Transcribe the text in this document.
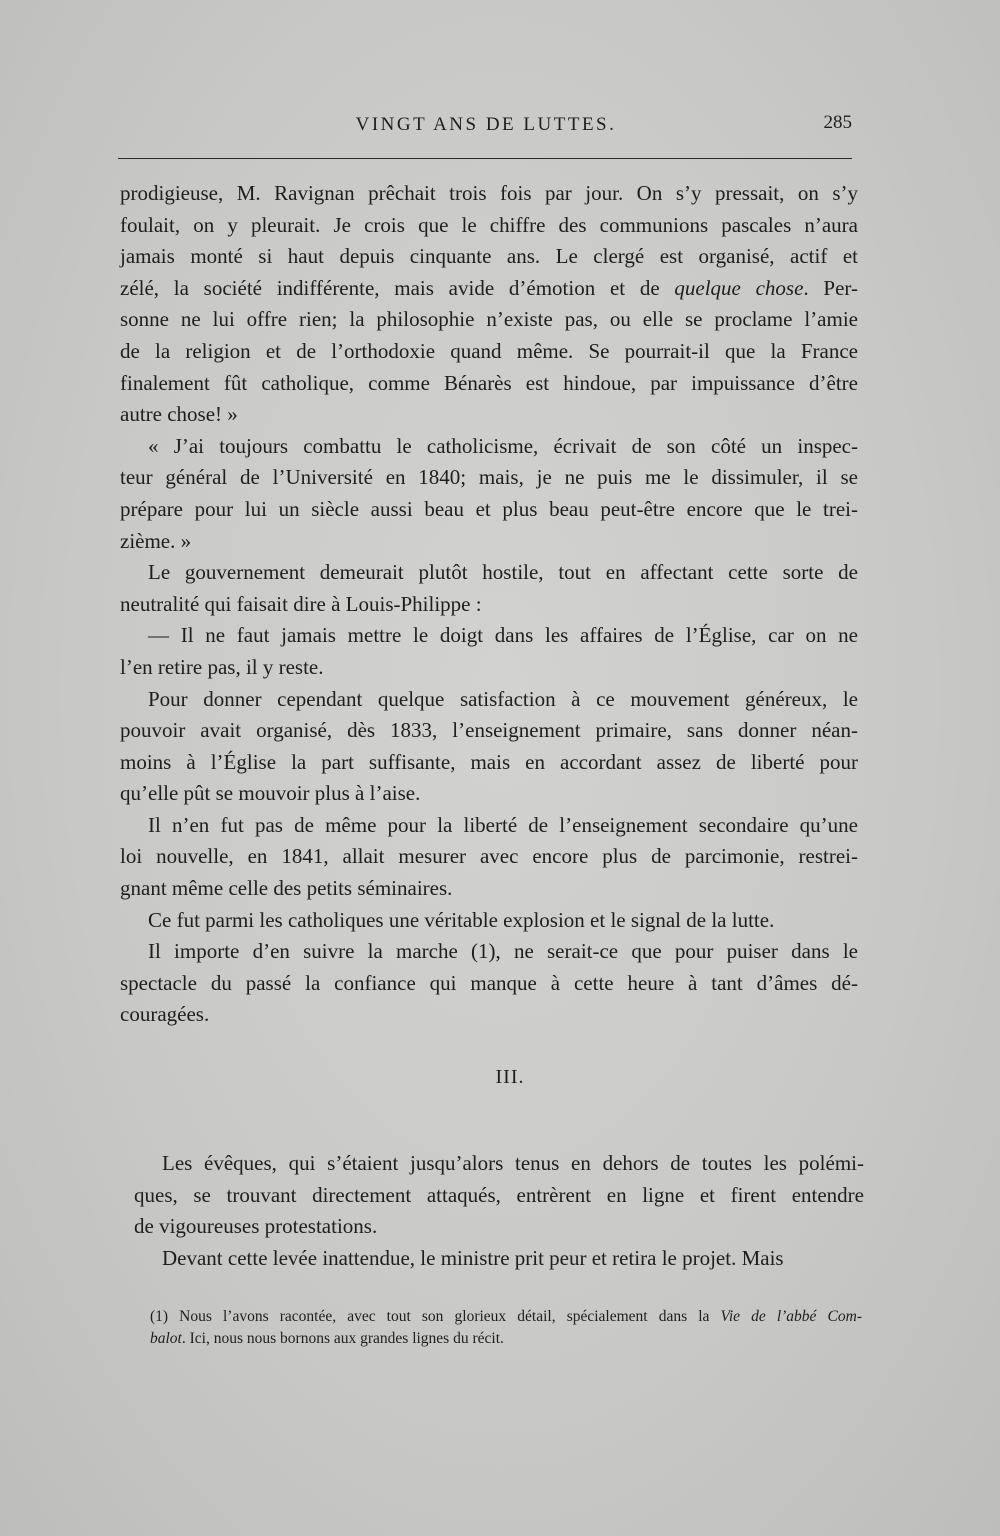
VINGT ANS DE LUTTES.	285

prodigieuse, M. Ravignan prêchait trois fois par jour. On s’y pressait, on s’y
foulait, on y pleurait. Je crois que le chiffre des communions pascales n’aura
jamais monté si haut depuis cinquante ans. Le clergé est organisé, actif et
zélé, la société indifférente, mais avide d’émotion et de quelque chose. Per-
sonne ne lui offre rien; la philosophie n’existe pas, ou elle se proclame l’amie
de la religion et de l’orthodoxie quand même. Se pourrait-il que la France
finalement fût catholique, comme Bénarès est hindoue, par impuissance d’être
autre chose! »

« J’ai toujours combattu le catholicisme, écrivait de son côté un inspec-
teur général de l’Université en 1840; mais, je ne puis me le dissimuler, il se
prépare pour lui un siècle aussi beau et plus beau peut-être encore que le trei-
zième. »

Le gouvernement demeurait plutôt hostile, tout en affectant cette sorte de
neutralité qui faisait dire à Louis-Philippe :

— Il ne faut jamais mettre le doigt dans les affaires de l’Église, car on ne
l’en retire pas, il y reste.

Pour donner cependant quelque satisfaction à ce mouvement généreux, le
pouvoir avait organisé, dès 1833, l’enseignement primaire, sans donner néan-
moins à l’Église la part suffisante, mais en accordant assez de liberté pour
qu’elle pût se mouvoir plus à l’aise.

Il n’en fut pas de même pour la liberté de l’enseignement secondaire qu’une
loi nouvelle, en 1841, allait mesurer avec encore plus de parcimonie, restrei-
gnant même celle des petits séminaires.

Ce fut parmi les catholiques une véritable explosion et le signal de la lutte.

Il importe d’en suivre la marche (1), ne serait-ce que pour puiser dans le
spectacle du passé la confiance qui manque à cette heure à tant d’âmes dé-
couragées.

III.

Les évêques, qui s’étaient jusqu’alors tenus en dehors de toutes les polémi-
ques, se trouvant directement attaqués, entrèrent en ligne et firent entendre
de vigoureuses protestations.

Devant cette levée inattendue, le ministre prit peur et retira le projet. Mais

(1) Nous l’avons racontée, avec tout son glorieux détail, spécialement dans la Vie de l’abbé Com-
balot. Ici, nous nous bornons aux grandes lignes du récit.
